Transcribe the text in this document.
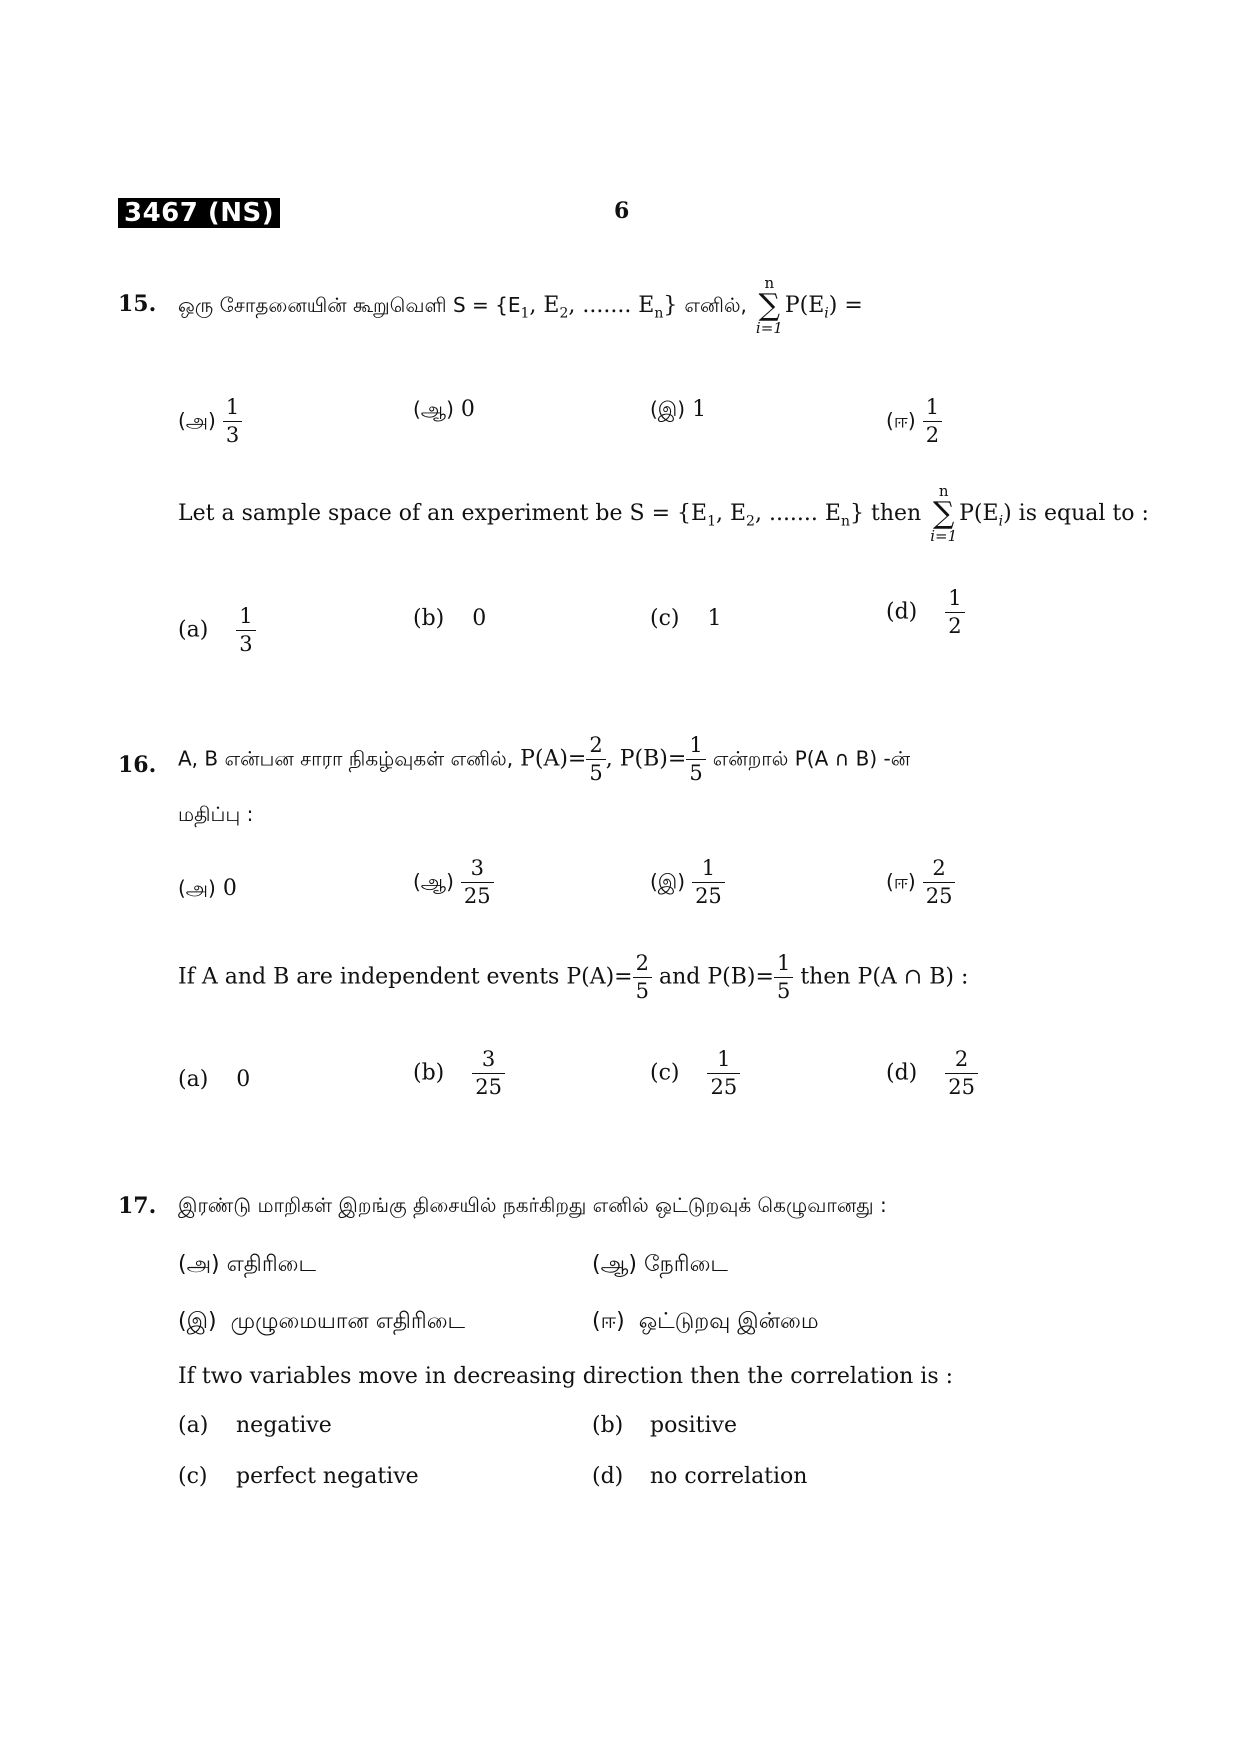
3467 (NS)	6
15. ஒரு சோதனையின் கூறுவெளி $S = \{E_1$, $E_2$, ....... $E_n$} எனில்,
n
∑
i=1
$P(E_i)$ =
(அ) $\frac{1}{3}$	(ஆ) 0	(இ) 1	(ஈ) $\frac{1}{2}$
Let a sample space of an experiment be $S = \{E_1$, $E_2$, ....... $E_n$} then
n
∑
i=1
$P(E_i)$ is equal to :
$(a) \frac{1}{3}$	(b) 0	(c) 1	$(d) \frac{1}{2}$
16. A, B என்பன சாரா நிகழ்வுகள் எனில், $P(A)= \frac{2}{5}$ , $P(B)= \frac{1}{5}$ என்றால் P(A ∩ B) -ன்
மதிப்பு :
(அ) 0	(ஆ) $\frac{3}{25}$	(இ) $\frac{1}{25}$	(ஈ) $\frac{2}{25}$
If A and B are independent events $P(A)= \frac{2}{5}$ and $P(B)= \frac{1}{5}$ then P(A ∩ B) :
(a) 0	$(b) \frac{3}{25}$	$(c) \frac{1}{25}$	$(d) \frac{2}{25}$
17. இரண்டு மாறிகள் இறங்கு திசையில் நகர்கிறது எனில் ஒட்டுறவுக் கெழுவானது :
(அ) எதிரிடை	(ஆ) நேரிடை
(இ) முழுமையான எதிரிடை	(ஈ) ஒட்டுறவு இன்மை
If two variables move in decreasing direction then the correlation is :
(a) negative	(b) positive
(c) perfect negative	(d) no correlation
